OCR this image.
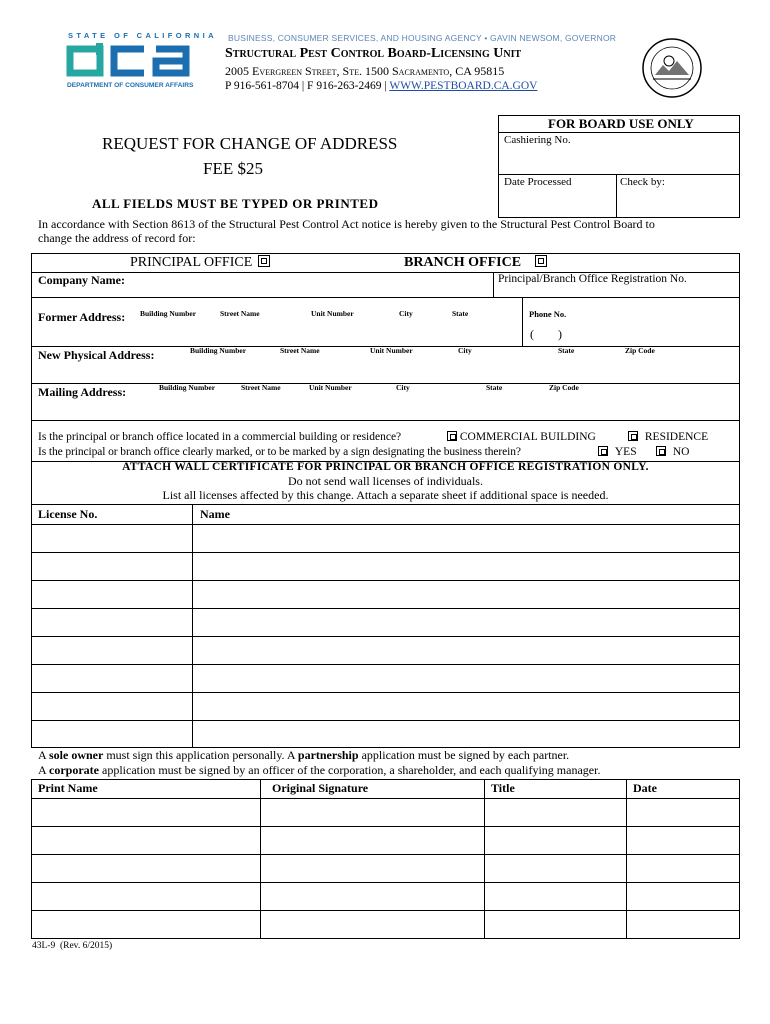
STATE OF CALIFORNIA
DEPARTMENT OF CONSUMER AFFAIRS
BUSINESS, CONSUMER SERVICES, AND HOUSING AGENCY • GAVIN NEWSOM, GOVERNOR
Structural Pest Control Board-Licensing Unit
2005 Evergreen Street, Ste. 1500 Sacramento, CA 95815
P 916-561-8704 | F 916-263-2469 | WWW.PESTBOARD.CA.GOV
REQUEST FOR CHANGE OF ADDRESS
FEE $25
ALL FIELDS MUST BE TYPED OR PRINTED
FOR BOARD USE ONLY
Cashiering No.
Date Processed	Check by:
In accordance with Section 8613 of the Structural Pest Control Act notice is hereby given to the Structural Pest Control Board to
change the address of record for:
PRINCIPAL OFFICE	BRANCH OFFICE
Company Name:	Principal/Branch Office Registration No.
Former Address: Building Number	Street Name	Unit Number	City	State	Phone No.
(        )
New Physical Address:	Building Number	Street Name	Unit Number	City	State	Zip Code
Mailing Address:	Building Number	Street Name	Unit Number	City	State	Zip Code
Is the principal or branch office located in a commercial building or residence?	COMMERCIAL BUILDING	RESIDENCE
Is the principal or branch office clearly marked, or to be marked by a sign designating the business therein?	YES	NO
ATTACH WALL CERTIFICATE FOR PRINCIPAL OR BRANCH OFFICE REGISTRATION ONLY.
Do not send wall licenses of individuals.
List all licenses affected by this change. Attach a separate sheet if additional space is needed.
License No.	Name
A sole owner must sign this application personally. A partnership application must be signed by each partner.
A corporate application must be signed by an officer of the corporation, a shareholder, and each qualifying manager.
Print Name	Original Signature	Title	Date
43L-9  (Rev. 6/2015)
